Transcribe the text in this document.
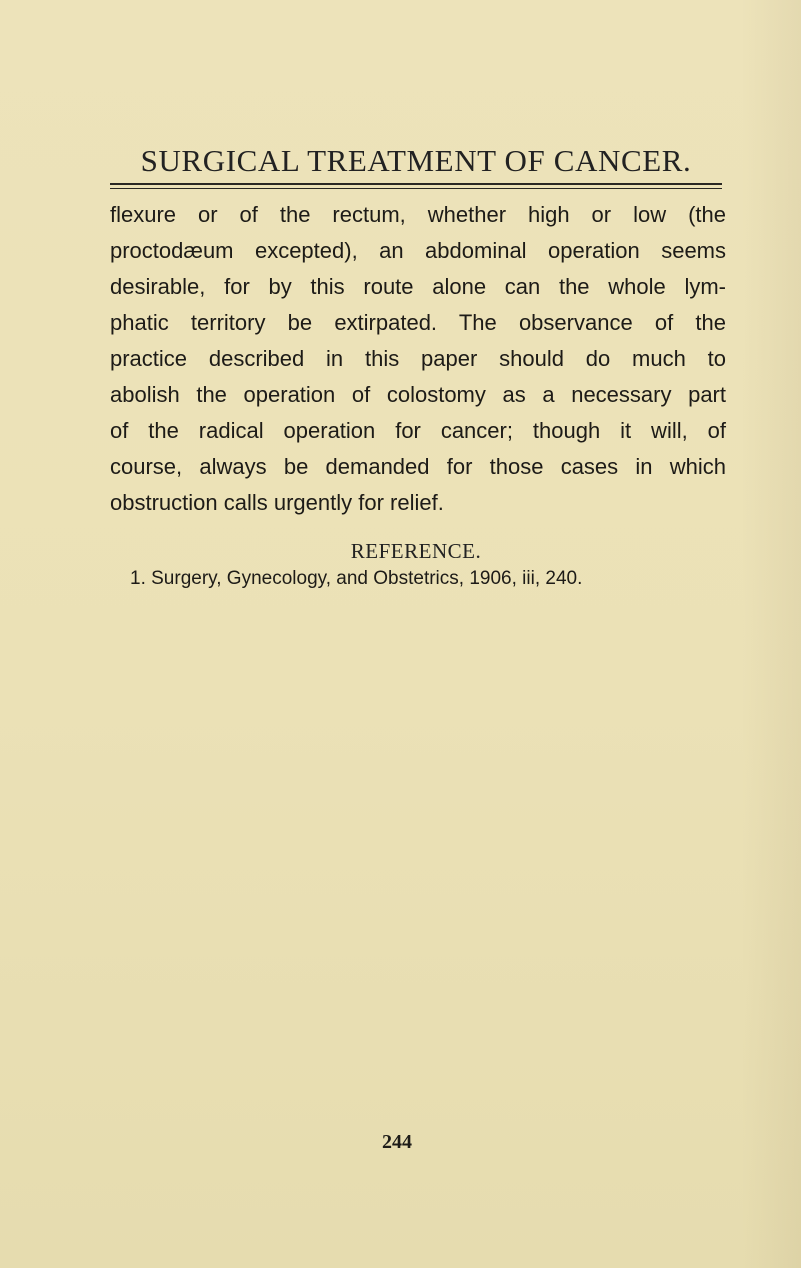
SURGICAL TREATMENT OF CANCER.
flexure or of the rectum, whether high or low (the
proctodæum excepted), an abdominal operation seems
desirable, for by this route alone can the whole lym-
phatic territory be extirpated. The observance of the
practice described in this paper should do much to
abolish the operation of colostomy as a necessary part
of the radical operation for cancer; though it will, of
course, always be demanded for those cases in which
obstruction calls urgently for relief.
REFERENCE.
1. Surgery, Gynecology, and Obstetrics, 1906, iii, 240.
244
